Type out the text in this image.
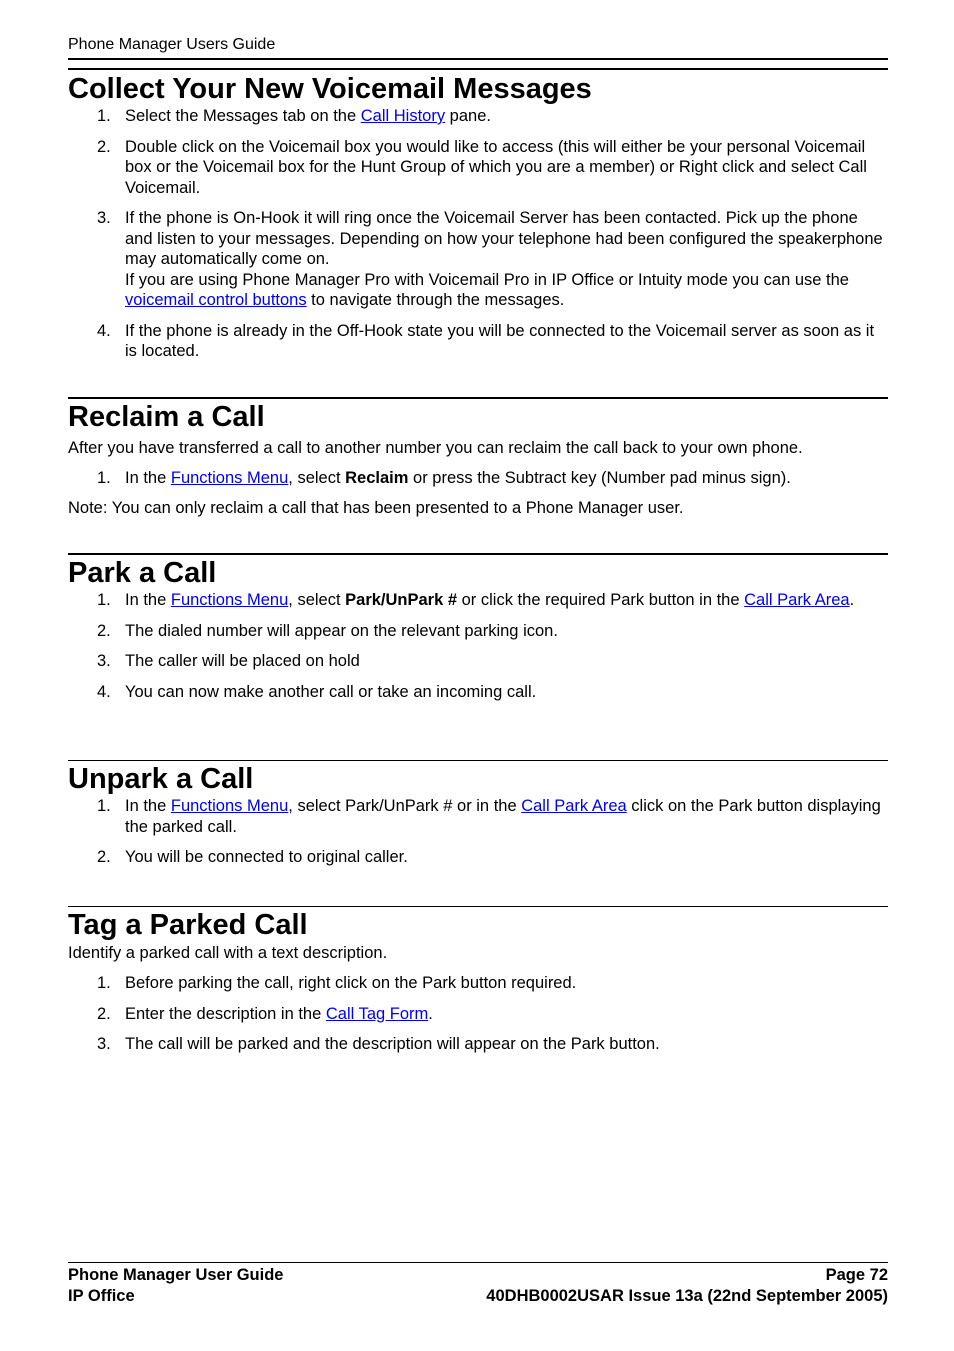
Phone Manager Users Guide
Collect Your New Voicemail Messages
1. Select the Messages tab on the Call History pane.
2. Double click on the Voicemail box you would like to access (this will either be your personal Voicemail box or the Voicemail box for the Hunt Group of which you are a member) or Right click and select Call Voicemail.
3. If the phone is On-Hook it will ring once the Voicemail Server has been contacted. Pick up the phone and listen to your messages. Depending on how your telephone had been configured the speakerphone may automatically come on.
If you are using Phone Manager Pro with Voicemail Pro in IP Office or Intuity mode you can use the voicemail control buttons to navigate through the messages.
4. If the phone is already in the Off-Hook state you will be connected to the Voicemail server as soon as it is located.
Reclaim a Call

After you have transferred a call to another number you can reclaim the call back to your own phone.

1. In the Functions Menu, select Reclaim or press the Subtract key (Number pad minus sign).

Note: You can only reclaim a call that has been presented to a Phone Manager user.

Park a Call
1. In the Functions Menu, select Park/UnPark # or click the required Park button in the Call Park Area.
2. The dialed number will appear on the relevant parking icon.
3. The caller will be placed on hold
4. You can now make another call or take an incoming call.
Unpark a Call
1. In the Functions Menu, select Park/UnPark # or in the Call Park Area click on the Park button displaying the parked call.
2. You will be connected to original caller.
Tag a Parked Call

Identify a parked call with a text description.

1. Before parking the call, right click on the Park button required.
2. Enter the description in the Call Tag Form.
3. The call will be parked and the description will appear on the Park button.
Phone Manager User Guide	Page 72
IP Office	40DHB0002USAR Issue 13a (22nd September 2005)
